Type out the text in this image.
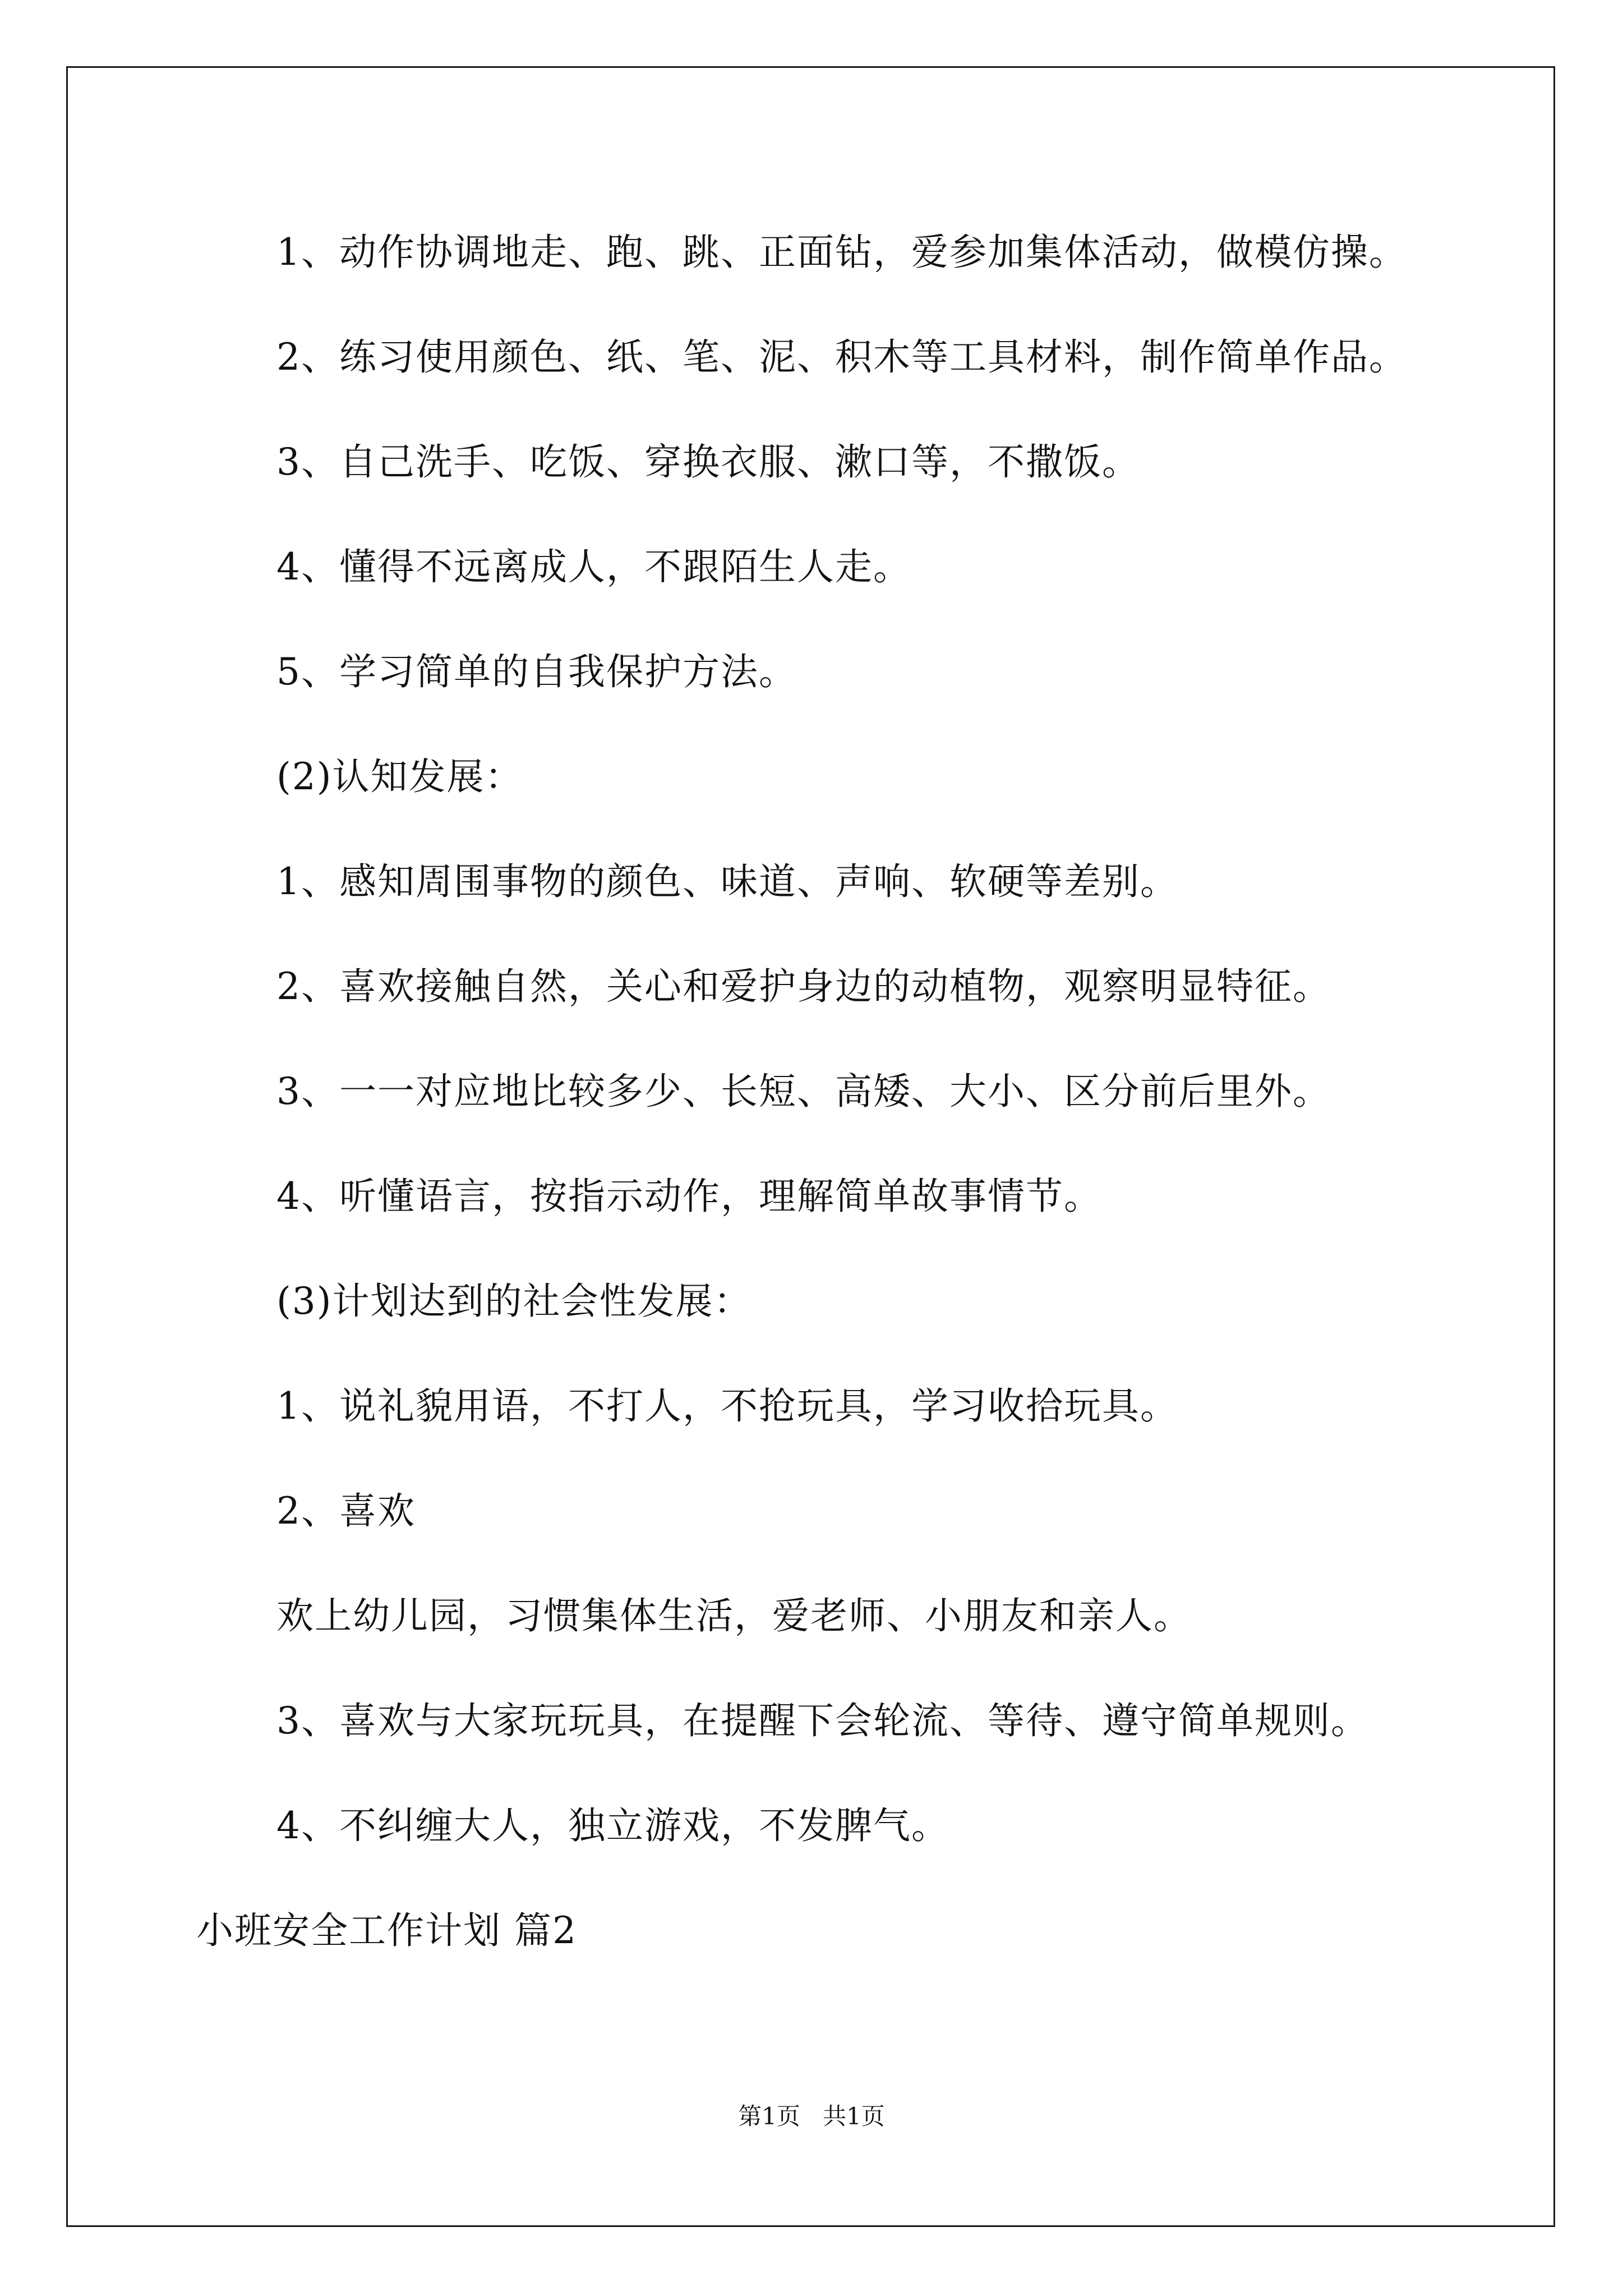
1、动作协调地走、跑、跳、正面钻，爱参加集体活动，做模仿操。
2、练习使用颜色、纸、笔、泥、积木等工具材料，制作简单作品。
3、自己洗手、吃饭、穿换衣服、漱口等，不撒饭。
4、懂得不远离成人，不跟陌生人走。
5、学习简单的自我保护方法。
(2)认知发展：
1、感知周围事物的颜色、味道、声响、软硬等差别。
2、喜欢接触自然，关心和爱护身边的动植物，观察明显特征。
3、一一对应地比较多少、长短、高矮、大小、区分前后里外。
4、听懂语言，按指示动作，理解简单故事情节。
(3)计划达到的社会性发展：
1、说礼貌用语，不打人，不抢玩具，学习收拾玩具。
2、喜欢
欢上幼儿园，习惯集体生活，爱老师、小朋友和亲人。
3、喜欢与大家玩玩具，在提醒下会轮流、等待、遵守简单规则。
4、不纠缠大人，独立游戏，不发脾气。
小班安全工作计划 篇2
第1页   共1页
